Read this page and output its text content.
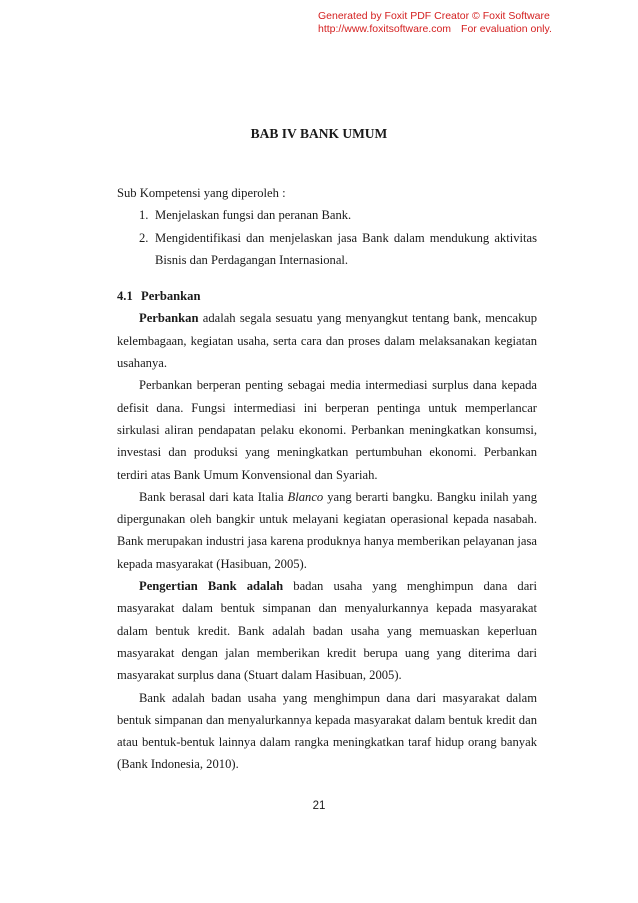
Generated by Foxit PDF Creator © Foxit Software
http://www.foxitsoftware.com For evaluation only.
BAB IV BANK UMUM

Sub Kompetensi yang diperoleh :

1. Menjelaskan fungsi dan peranan Bank.
2. Mengidentifikasi dan menjelaskan jasa Bank dalam mendukung aktivitas Bisnis dan Perdagangan Internasional.

4.1 Perbankan

Perbankan adalah segala sesuatu yang menyangkut tentang bank, mencakup kelembagaan, kegiatan usaha, serta cara dan proses dalam melaksanakan kegiatan usahanya.

Perbankan berperan penting sebagai media intermediasi surplus dana kepada defisit dana. Fungsi intermediasi ini berperan pentinga untuk memperlancar sirkulasi aliran pendapatan pelaku ekonomi. Perbankan meningkatkan konsumsi, investasi dan produksi yang meningkatkan pertumbuhan ekonomi. Perbankan terdiri atas Bank Umum Konvensional dan Syariah.

Bank berasal dari kata Italia Blanco yang berarti bangku. Bangku inilah yang dipergunakan oleh bangkir untuk melayani kegiatan operasional kepada nasabah. Bank merupakan industri jasa karena produknya hanya memberikan pelayanan jasa kepada masyarakat (Hasibuan, 2005).

Pengertian Bank adalah badan usaha yang menghimpun dana dari masyarakat dalam bentuk simpanan dan menyalurkannya kepada masyarakat dalam bentuk kredit. Bank adalah badan usaha yang memuaskan keperluan masyarakat dengan jalan memberikan kredit berupa uang yang diterima dari masyarakat surplus dana (Stuart dalam Hasibuan, 2005).

Bank adalah badan usaha yang menghimpun dana dari masyarakat dalam bentuk simpanan dan menyalurkannya kepada masyarakat dalam bentuk kredit dan atau bentuk-bentuk lainnya dalam rangka meningkatkan taraf hidup orang banyak (Bank Indonesia, 2010).

21
